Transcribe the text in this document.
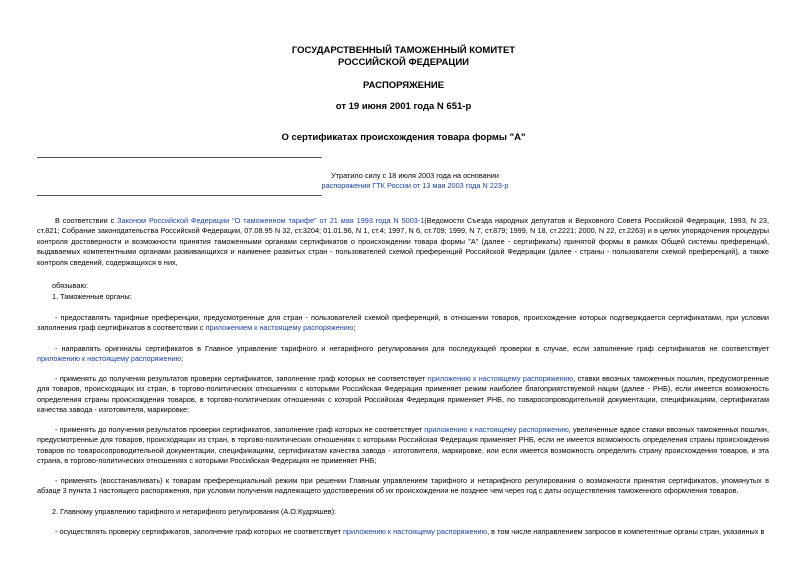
ГОСУДАРСТВЕННЫЙ ТАМОЖЕННЫЙ КОМИТЕТ
РОССИЙСКОЙ ФЕДЕРАЦИИ
РАСПОРЯЖЕНИЕ
от 19 июня 2001 года N 651-р
О сертификатах происхождения товара формы "А"
Утратило силу с 18 июля 2003 года на основании
распоряжения ГТК России от 13 мая 2003 года N 223-р

В соответствии с Законом Российской Федерации "О таможенном тарифе" от 21 мая 1993 года N 5003-1(Ведомости Съезда народных депутатов и Верховного Совета Российской Федерации, 1993, N 23, ст.821; Собрание законодательства Российской Федерации, 07.08.95 N 32, ст.3204; 01.01.96, N 1, ст.4; 1997, N 6, ст.709; 1999, N 7, ст.879; 1999, N 18, ст.2221; 2000, N 22, ст.2263) и в целях упорядочения процедуры контроля достоверности и возможности принятия таможенными органами сертификатов о происхождении товара формы "А" (далее - сертификаты) принятой формы в рамках Общей системы преференций, выдаваемых компетентными органами развивающихся и наименее развитых стран - пользователей схемой преференций Российской Федерации (далее - страны - пользователи схемой преференций), а также контроля сведений, содержащихся в них,

обязываю:

1. Таможенные органы:

- предоставлять тарифные преференции, предусмотренные для стран - пользователей схемой преференций, в отношении товаров, происхождение которых подтверждается сертификатами, при условии заполнения граф сертификатов в соответствии с приложением к настоящему распоряжению;

- направлять оригиналы сертификатов в Главное управление тарифного и нетарифного регулирования для последующей проверки в случае, если заполнение граф сертификатов не соответствует приложению к настоящему распоряжению;

- применять до получения результатов проверки сертификатов, заполнение граф которых не соответствует приложению к настоящему распоряжению, ставки ввозных таможенных пошлин, предусмотренные для товаров, происходящих из стран, в торгово-политических отношениях с которыми Российская Федерация применяет режим наиболее благоприятствуемой нации (далее - РНБ), если имеется возможность определения страны происхождения товаров, в торгово-политических отношениях с которой Российская Федерация применяет РНБ, по товаросопроводительной документации, спецификациям, сертификатам качества завода - изготовителя, маркировке;

- применять до получения результатов проверки сертификатов, заполнение граф которых не соответствует приложению к настоящему распоряжению, увеличенные вдвое ставки ввозных таможенных пошлин, предусмотренные для товаров, происходящих из стран, в торгово-политических отношениях с которыми Российская Федерация применяет РНБ, если не имеется возможность определения страны происхождения товаров по товаросопроводительной документации, спецификациям, сертификатам качества завода - изготовителя, маркировке, или если имеется возможность определить страну происхождения товаров, и эта страна, в торгово-политических отношениях с которыми Российская Федерация не применяет РНБ;

- применять (восстанавливать) к товарам преференциальный режим при решении Главным управлением тарифного и нетарифного регулирования о возможности принятия сертификатов, упомянутых в абзаце 3 пункта 1 настоящего распоряжения, при условии получения надлежащего удостоверения об их происхождении не позднее чем через год с даты осуществления таможенного оформления товаров.

2. Главному управлению тарифного и нетарифного регулирования (А.О.Кудряшев):

- осуществлять проверку сертификатов, заполнение граф которых не соответствует приложению к настоящему распоряжению, в том числе направлением запросов в компетентные органы стран, указанных в
